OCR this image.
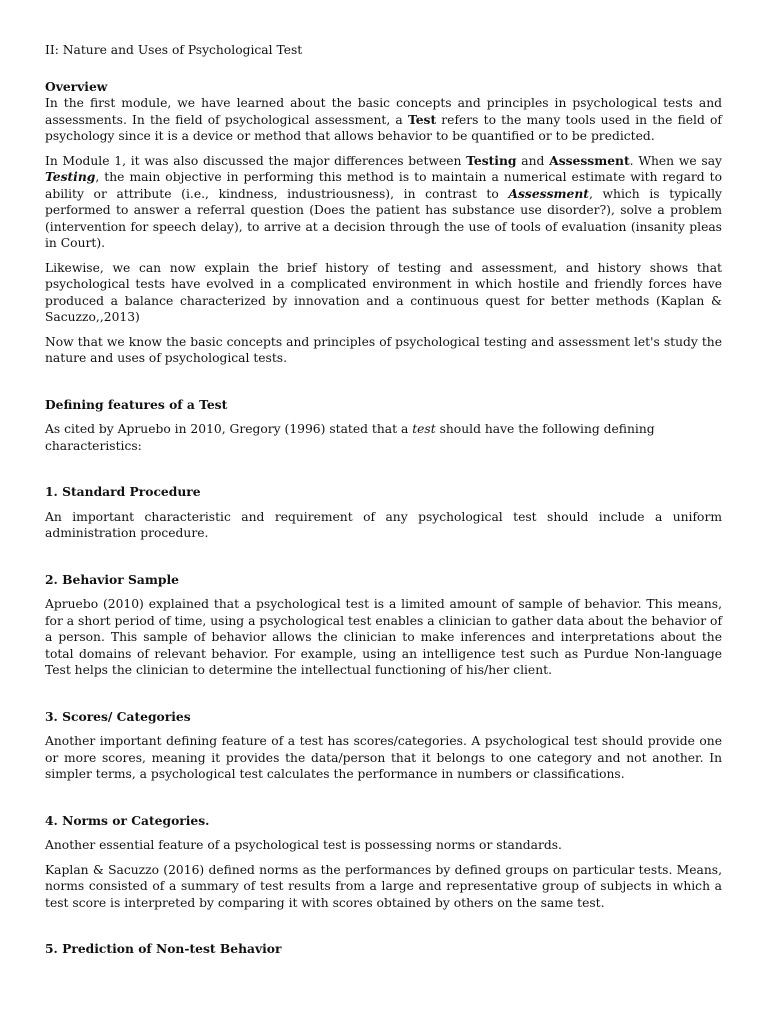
II: Nature and Uses of Psychological Test

Overview

In the first module, we have learned about the basic concepts and principles in psychological tests and assessments. In the field of psychological assessment, a Test refers to the many tools used in the field of psychology since it is a device or method that allows behavior to be quantified or to be predicted.

In Module 1, it was also discussed the major differences between Testing and Assessment. When we say Testing, the main objective in performing this method is to maintain a numerical estimate with regard to ability or attribute (i.e., kindness, industriousness), in contrast to Assessment, which is typically performed to answer a referral question (Does the patient has substance use disorder?), solve a problem (intervention for speech delay), to arrive at a decision through the use of tools of evaluation (insanity pleas in Court).

Likewise, we can now explain the brief history of testing and assessment, and history shows that psychological tests have evolved in a complicated environment in which hostile and friendly forces have produced a balance characterized by innovation and a continuous quest for better methods (Kaplan & Sacuzzo,,2013)

Now that we know the basic concepts and principles of psychological testing and assessment let's study the nature and uses of psychological tests.

Defining features of a Test

As cited by Apruebo in 2010, Gregory (1996) stated that a test should have the following defining characteristics:

1. Standard Procedure

An important characteristic and requirement of any psychological test should include a uniform administration procedure.

2. Behavior Sample

Apruebo (2010) explained that a psychological test is a limited amount of sample of behavior. This means, for a short period of time, using a psychological test enables a clinician to gather data about the behavior of a person. This sample of behavior allows the clinician to make inferences and interpretations about the total domains of relevant behavior. For example, using an intelligence test such as Purdue Non-language Test helps the clinician to determine the intellectual functioning of his/her client.

3. Scores/ Categories

Another important defining feature of a test has scores/categories. A psychological test should provide one or more scores, meaning it provides the data/person that it belongs to one category and not another. In simpler terms, a psychological test calculates the performance in numbers or classifications.

4. Norms or Categories.

Another essential feature of a psychological test is possessing norms or standards.

Kaplan & Sacuzzo (2016) defined norms as the performances by defined groups on particular tests. Means, norms consisted of a summary of test results from a large and representative group of subjects in which a test score is interpreted by comparing it with scores obtained by others on the same test.

5. Prediction of Non-test Behavior
